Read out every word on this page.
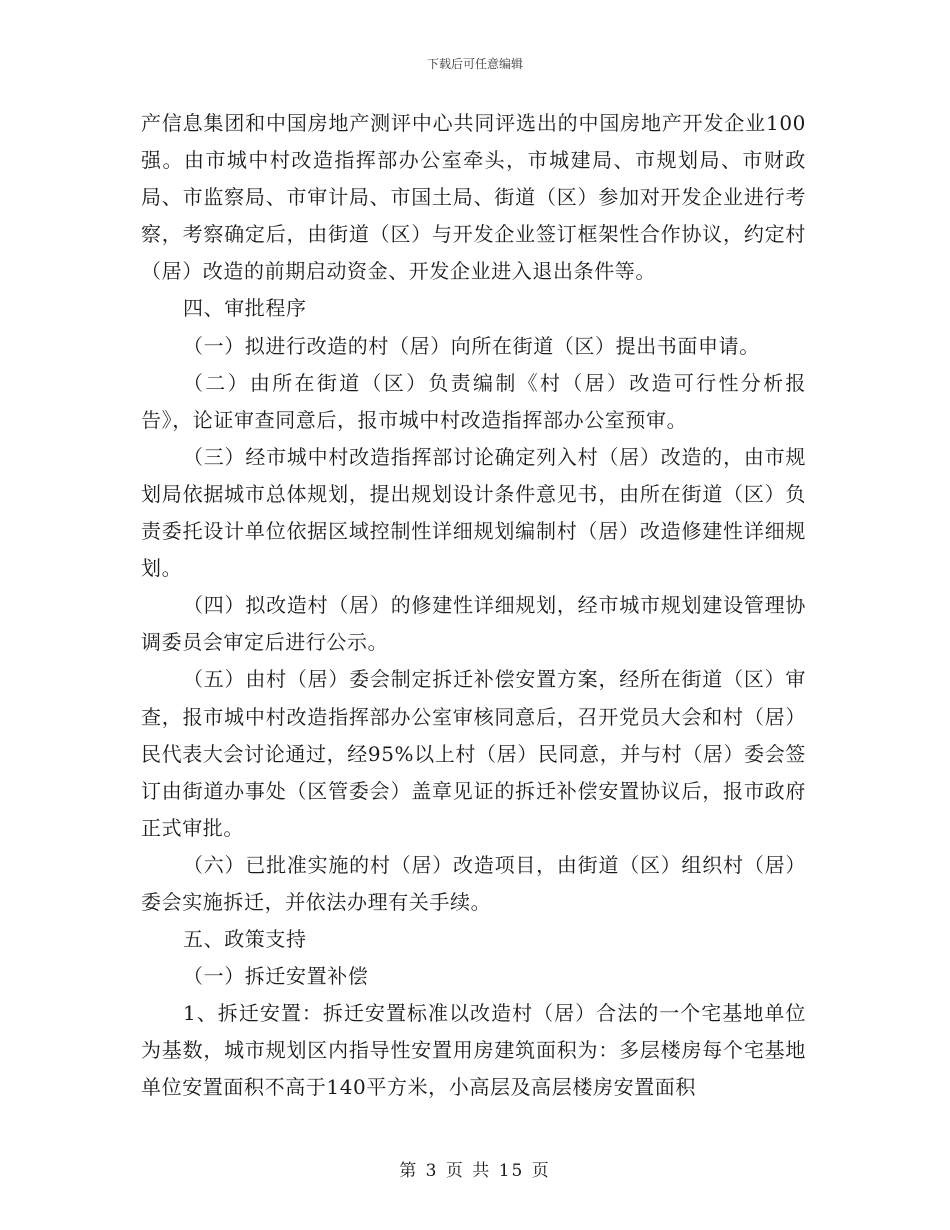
下载后可任意编辑

产信息集团和中国房地产测评中心共同评选出的中国房地产开发企业100强。由市城中村改造指挥部办公室牵头，市城建局、市规划局、市财政局、市监察局、市审计局、市国土局、街道（区）参加对开发企业进行考察，考察确定后，由街道（区）与开发企业签订框架性合作协议，约定村（居）改造的前期启动资金、开发企业进入退出条件等。

四、审批程序

（一）拟进行改造的村（居）向所在街道（区）提出书面申请。

（二）由所在街道（区）负责编制《村（居）改造可行性分析报告》，论证审查同意后，报市城中村改造指挥部办公室预审。

（三）经市城中村改造指挥部讨论确定列入村（居）改造的，由市规划局依据城市总体规划，提出规划设计条件意见书，由所在街道（区）负责委托设计单位依据区域控制性详细规划编制村（居）改造修建性详细规划。

（四）拟改造村（居）的修建性详细规划，经市城市规划建设管理协调委员会审定后进行公示。

（五）由村（居）委会制定拆迁补偿安置方案，经所在街道（区）审查，报市城中村改造指挥部办公室审核同意后，召开党员大会和村（居）民代表大会讨论通过，经95%以上村（居）民同意，并与村（居）委会签订由街道办事处（区管委会）盖章见证的拆迁补偿安置协议后，报市政府正式审批。

（六）已批准实施的村（居）改造项目，由街道（区）组织村（居）委会实施拆迁，并依法办理有关手续。

五、政策支持

（一）拆迁安置补偿

1、拆迁安置：拆迁安置标准以改造村（居）合法的一个宅基地单位为基数，城市规划区内指导性安置用房建筑面积为：多层楼房每个宅基地单位安置面积不高于140平方米，小高层及高层楼房安置面积

第 3 页 共 15 页
